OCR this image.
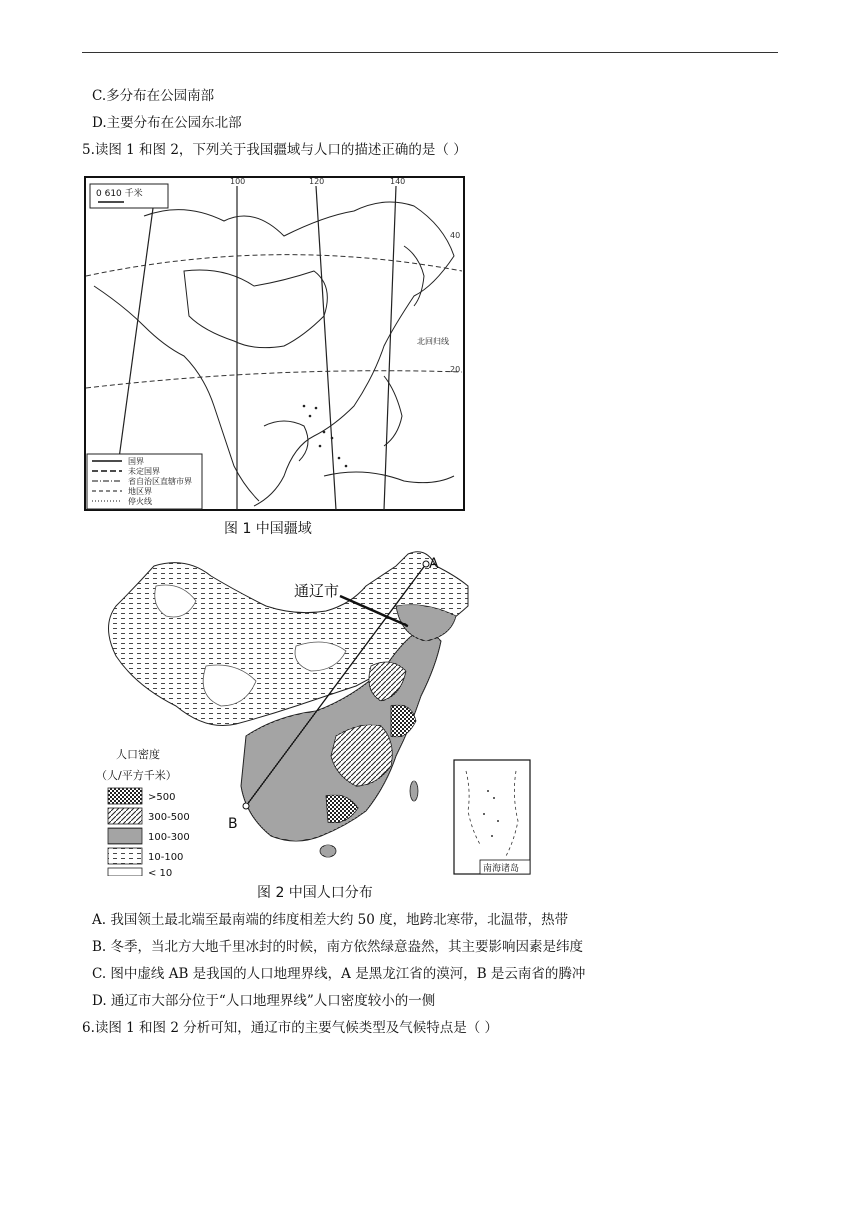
C.多分布在公园南部
D.主要分布在公园东北部
5.读图 1 和图 2，下列关于我国疆域与人口的描述正确的是（ ）
0 610 千米
100	120	140
40
20
北回归线
国界
未定国界
省自治区直辖市界
地区界
停火线
图 1 中国疆域
A
B
通辽市
人口密度
（人/平方千米）
>500
300-500
100-300
10-100
< 10	南海诸岛
图 2 中国人口分布
A. 我国领土最北端至最南端的纬度相差大约 50 度，地跨北寒带，北温带，热带
B. 冬季，当北方大地千里冰封的时候，南方依然绿意盎然，其主要影响因素是纬度
C. 图中虚线 AB 是我国的人口地理界线，A 是黑龙江省的漠河，B 是云南省的腾冲
D. 通辽市大部分位于“人口地理界线”人口密度较小的一侧
6.读图 1 和图 2 分析可知，通辽市的主要气候类型及气候特点是（ ）
